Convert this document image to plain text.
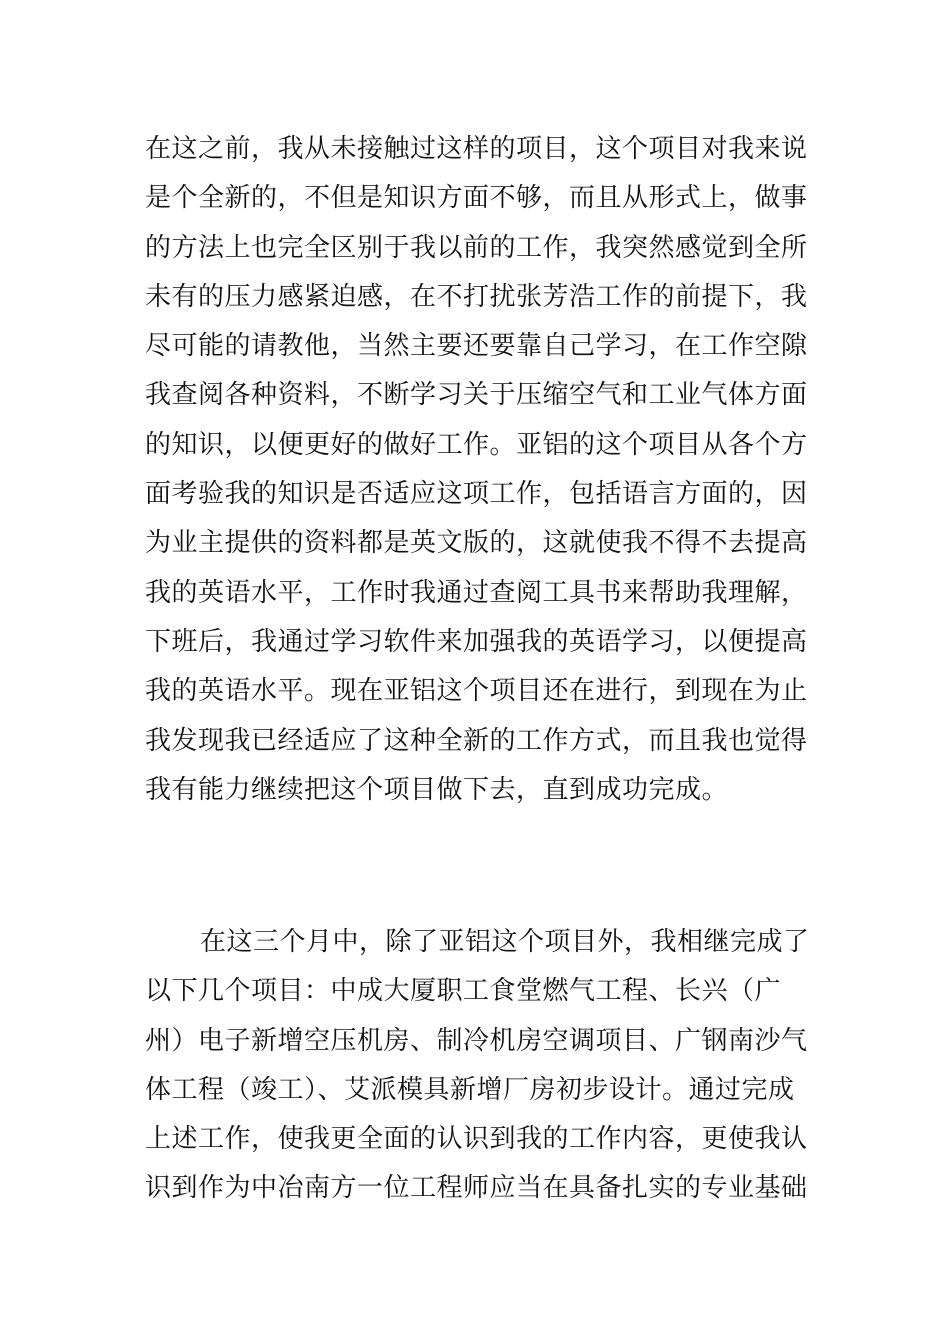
在这之前，我从未接触过这样的项目，这个项目对我来说
是个全新的，不但是知识方面不够，而且从形式上，做事
的方法上也完全区别于我以前的工作，我突然感觉到全所
未有的压力感紧迫感，在不打扰张芳浩工作的前提下，我
尽可能的请教他，当然主要还要靠自己学习，在工作空隙
我查阅各种资料，不断学习关于压缩空气和工业气体方面
的知识，以便更好的做好工作。亚铝的这个项目从各个方
面考验我的知识是否适应这项工作，包括语言方面的，因
为业主提供的资料都是英文版的，这就使我不得不去提高
我的英语水平，工作时我通过查阅工具书来帮助我理解，
下班后，我通过学习软件来加强我的英语学习，以便提高
我的英语水平。现在亚铝这个项目还在进行，到现在为止
我发现我已经适应了这种全新的工作方式，而且我也觉得
我有能力继续把这个项目做下去，直到成功完成。
在这三个月中，除了亚铝这个项目外，我相继完成了
以下几个项目：中成大厦职工食堂燃气工程、长兴（广
州）电子新增空压机房、制冷机房空调项目、广钢南沙气
体工程（竣工）、艾派模具新增厂房初步设计。通过完成
上述工作，使我更全面的认识到我的工作内容，更使我认
识到作为中冶南方一位工程师应当在具备扎实的专业基础
